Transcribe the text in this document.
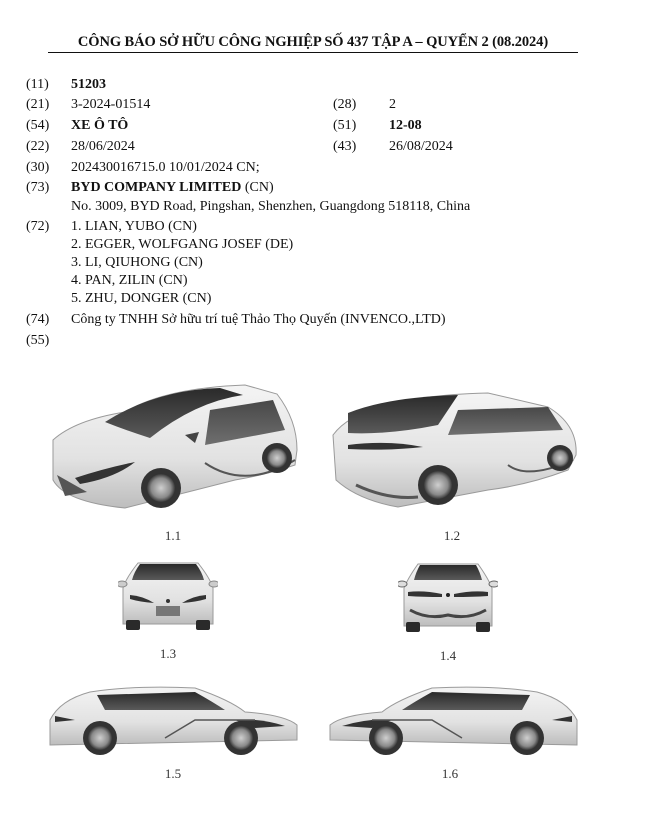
CÔNG BÁO SỞ HỮU CÔNG NGHIỆP SỐ 437 TẬP A – QUYỂN 2 (08.2024)
(11) 51203
(21) 3-2024-01514	(28) 2
(54) XE Ô TÔ	(51) 12-08
(22) 28/06/2024	(43) 26/08/2024
(30) 202430016715.0 10/01/2024 CN;
(73) BYD COMPANY LIMITED (CN)
No. 3009, BYD Road, Pingshan, Shenzhen, Guangdong 518118, China
(72) 1. LIAN, YUBO (CN)
2. EGGER, WOLFGANG JOSEF (DE)
3. LI, QIUHONG (CN)
4. PAN, ZILIN (CN)
5. ZHU, DONGER (CN)
(74) Công ty TNHH Sở hữu trí tuệ Thảo Thọ Quyến (INVENCO.,LTD)
(55)
1.1	1.2
1.3	1.4
1.5	1.6
